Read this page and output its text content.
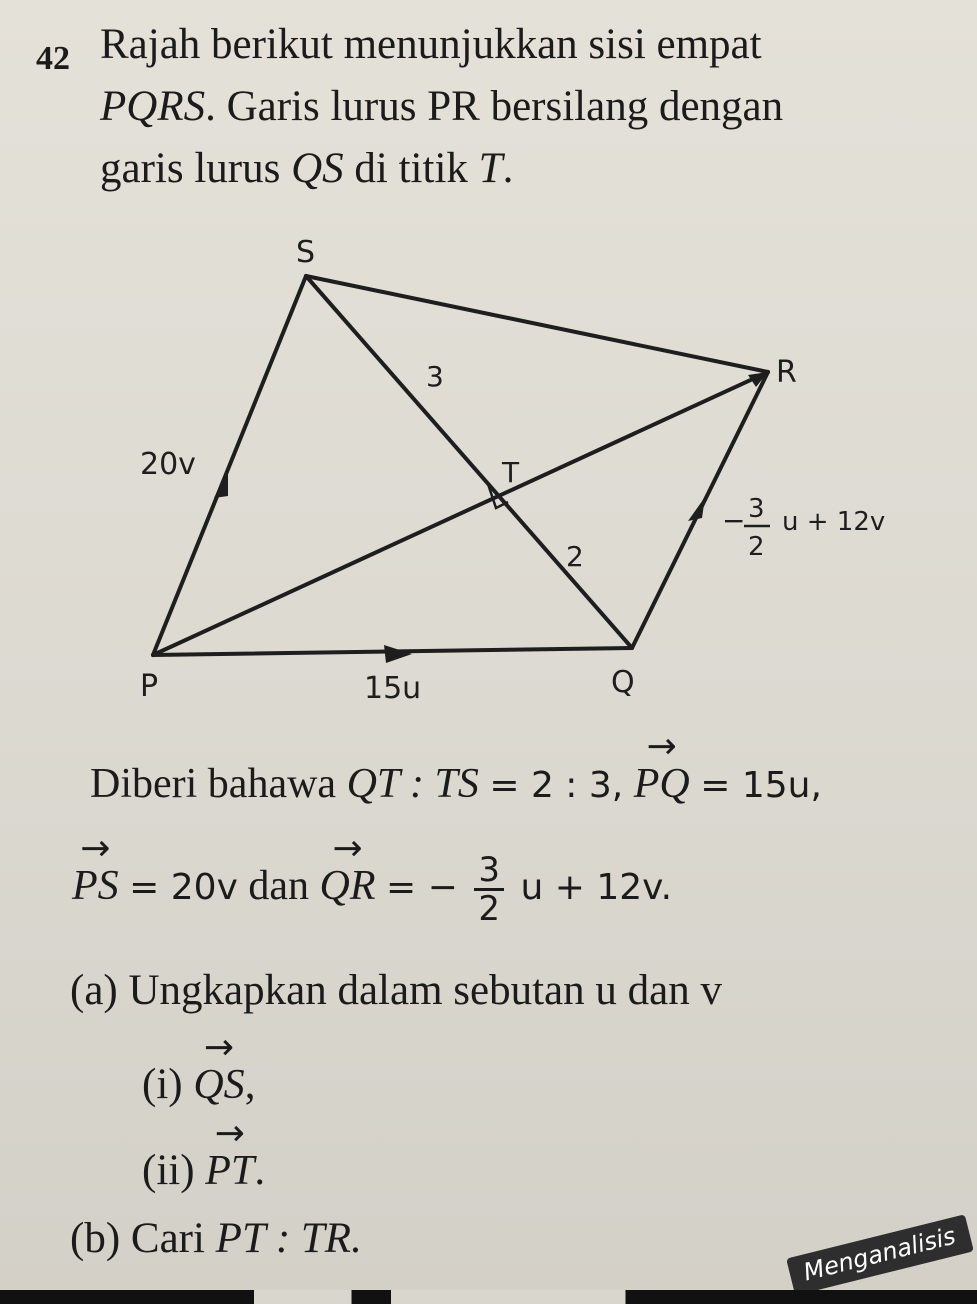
42 Rajah berikut menunjukkan sisi empat
PQRS. Garis lurus PR bersilang dengan
garis lurus QS di titik T.
S
R
P	Q
T
3
2
20v
15u
− 3
2
u + 12v
Diberi bahawa QT : TS = 2 : 3, → PQ = 15u,
→ PS = 20v dan → QR = − $\frac{3}{2}$ u + 12v.
(a) Ungkapkan dalam sebutan u dan v
(i) → QS,
(ii) → PT.
(b) Cari PT : TR.	Menganalisis
